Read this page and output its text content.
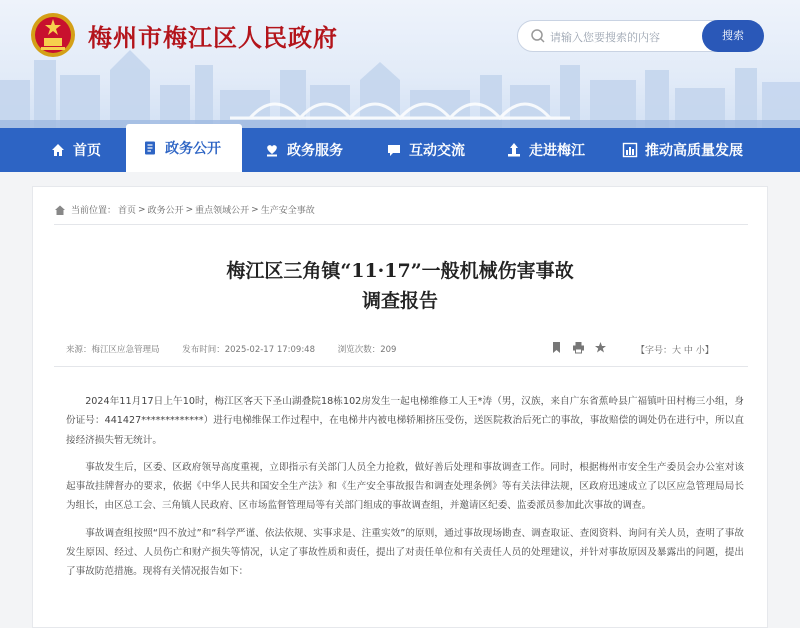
梅州市梅江区人民政府
请输入您要搜索的内容	搜索
首页	政务公开	政务服务	互动交流	走进梅江	推动高质量发展
当前位置： 首页 > 政务公开 > 重点领域公开 > 生产安全事故
梅江区三角镇“11·17”一般机械伤害事故
调查报告
来源：梅江区应急管理局	发布时间：2025-02-17 17:09:48	浏览次数：209	【字号：大 中 小】

2024年11月17日上午10时，梅江区客天下圣山湖叠院18栋102房发生一起电梯维修工人王*涛（男，汉族，来自广东省蕉岭县广福镇叶田村梅三小组，身份证号：441427*************）进行电梯维保工作过程中，在电梯井内被电梯轿厢挤压受伤，送医院救治后死亡的事故，事故赔偿的调处仍在进行中，所以直接经济损失暂无统计。

事故发生后，区委、区政府领导高度重视，立即指示有关部门人员全力抢救，做好善后处理和事故调查工作。同时，根据梅州市安全生产委员会办公室对该起事故挂牌督办的要求，依据《中华人民共和国安全生产法》和《生产安全事故报告和调查处理条例》等有关法律法规，区政府迅速成立了以区应急管理局局长为组长，由区总工会、三角镇人民政府、区市场监督管理局等有关部门组成的事故调查组，并邀请区纪委、监委派员参加此次事故的调查。

事故调查组按照“四不放过”和“科学严谨、依法依规、实事求是、注重实效”的原则，通过事故现场勘查、调查取证、查阅资料、询问有关人员，查明了事故发生原因、经过、人员伤亡和财产损失等情况，认定了事故性质和责任，提出了对责任单位和有关责任人员的处理建议，并针对事故原因及暴露出的问题，提出了事故防范措施。现将有关情况报告如下：
